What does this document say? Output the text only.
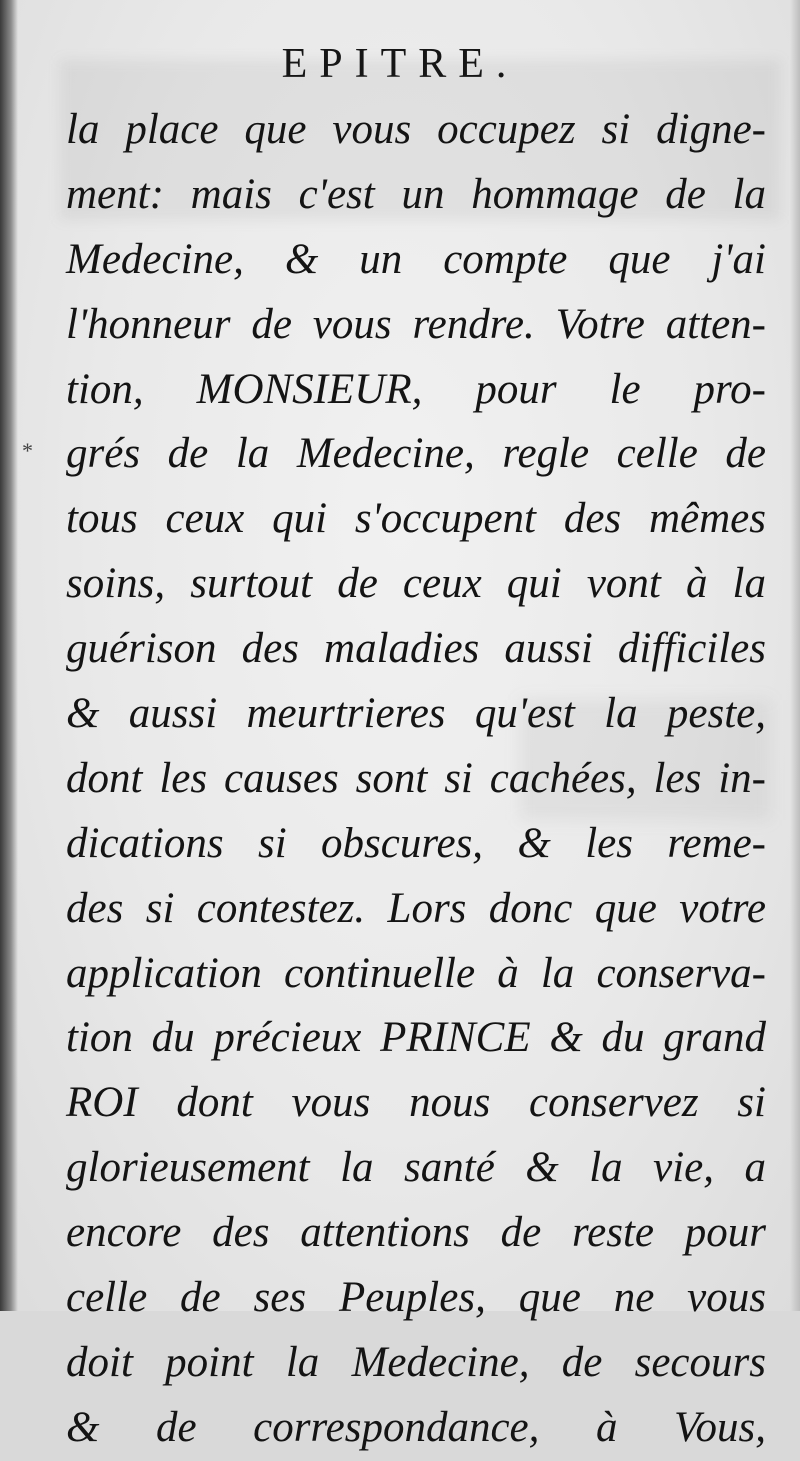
EPITRE.
*
la place que vous occupez si digne-
ment: mais c'est un hommage de la
Medecine, & un compte que j'ai
l'honneur de vous rendre. Votre atten-
tion, MONSIEUR, pour le pro-
grés de la Medecine, regle celle de
tous ceux qui s'occupent des mêmes
soins, surtout de ceux qui vont à la
guérison des maladies aussi difficiles
& aussi meurtrieres qu'est la peste,
dont les causes sont si cachées, les in-
dications si obscures, & les reme-
des si contestez. Lors donc que votre
application continuelle à la conserva-
tion du précieux PRINCE & du grand
ROI dont vous nous conservez si
glorieusement la santé & la vie, a
encore des attentions de reste pour
celle de ses Peuples, que ne vous
doit point la Medecine, de secours
& de correspondance, à Vous,
